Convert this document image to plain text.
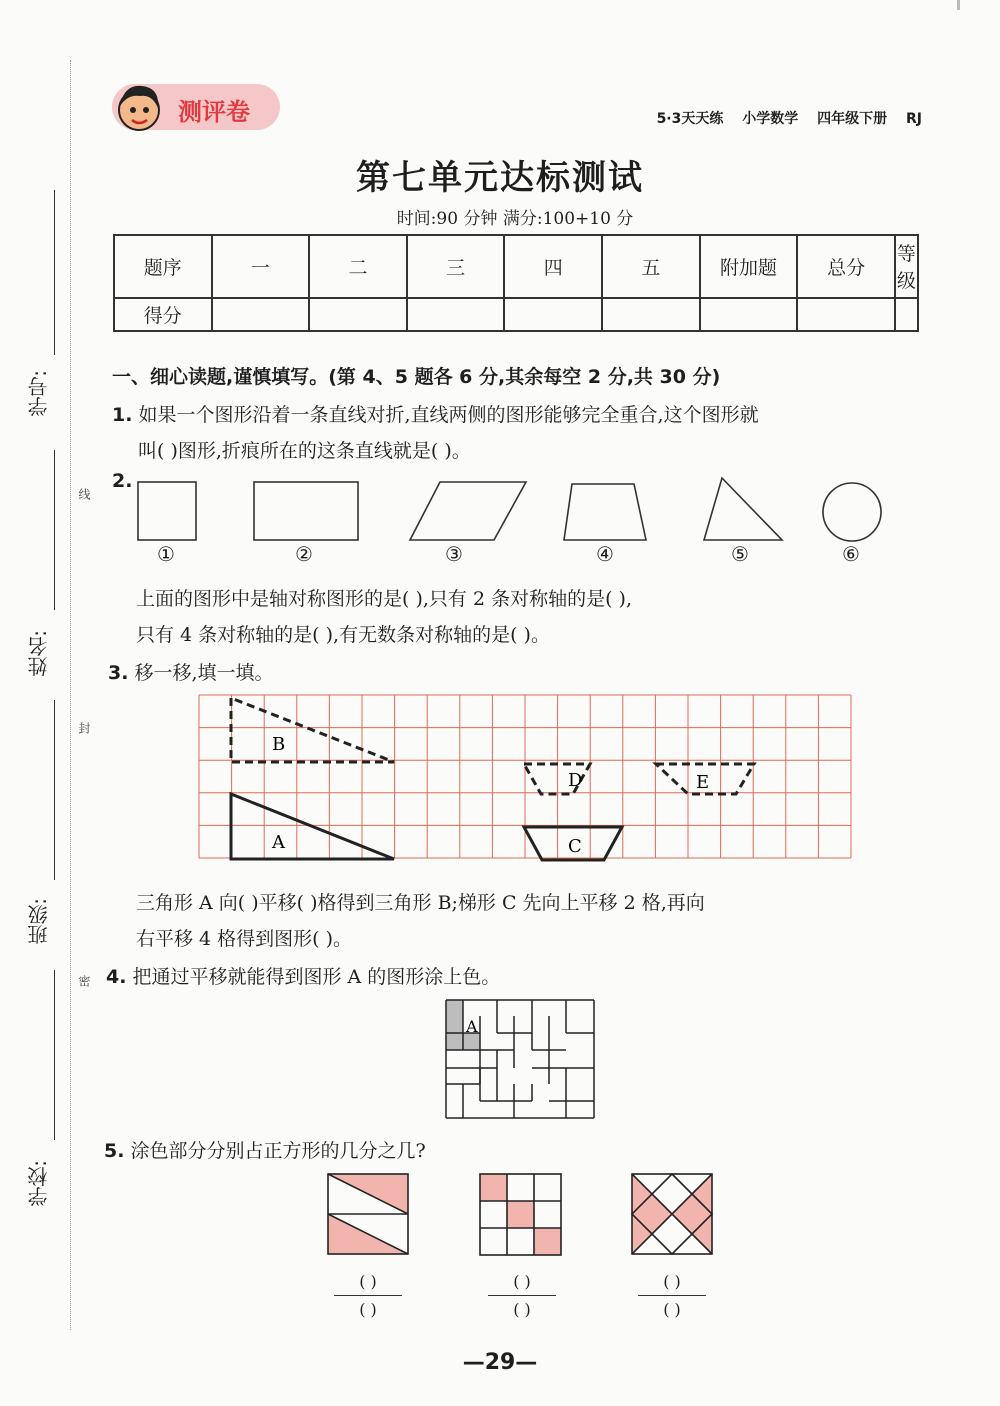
学号:
姓名:
班级:
学校:
线
封
密
测评卷	5·3天天练 小学数学 四年级下册 RJ
第七单元达标测试
时间:90 分钟 满分:100+10 分
题序	一	二	三	四	五	附加题	总分	等级
得分								
一、细心读题,谨慎填写。(第 4、5 题各 6 分,其余每空 2 分,共 30 分)
1. 如果一个图形沿着一条直线对折,直线两侧的图形能够完全重合,这个图形就
叫( )图形,折痕所在的这条直线就是( )。
2.
①	②	③	④	⑤	⑥
上面的图形中是轴对称图形的是( ),只有 2 条对称轴的是( ),
只有 4 条对称轴的是( ),有无数条对称轴的是( )。
3. 移一移,填一填。
B
D	E
A	C
三角形 A 向( )平移( )格得到三角形 B;梯形 C 先向上平移 2 格,再向
右平移 4 格得到图形( )。
4. 把通过平移就能得到图形 A 的图形涂上色。
A
5. 涂色部分分别占正方形的几分之几?
( )
( )
( )
( )
( )
( )
—29—
